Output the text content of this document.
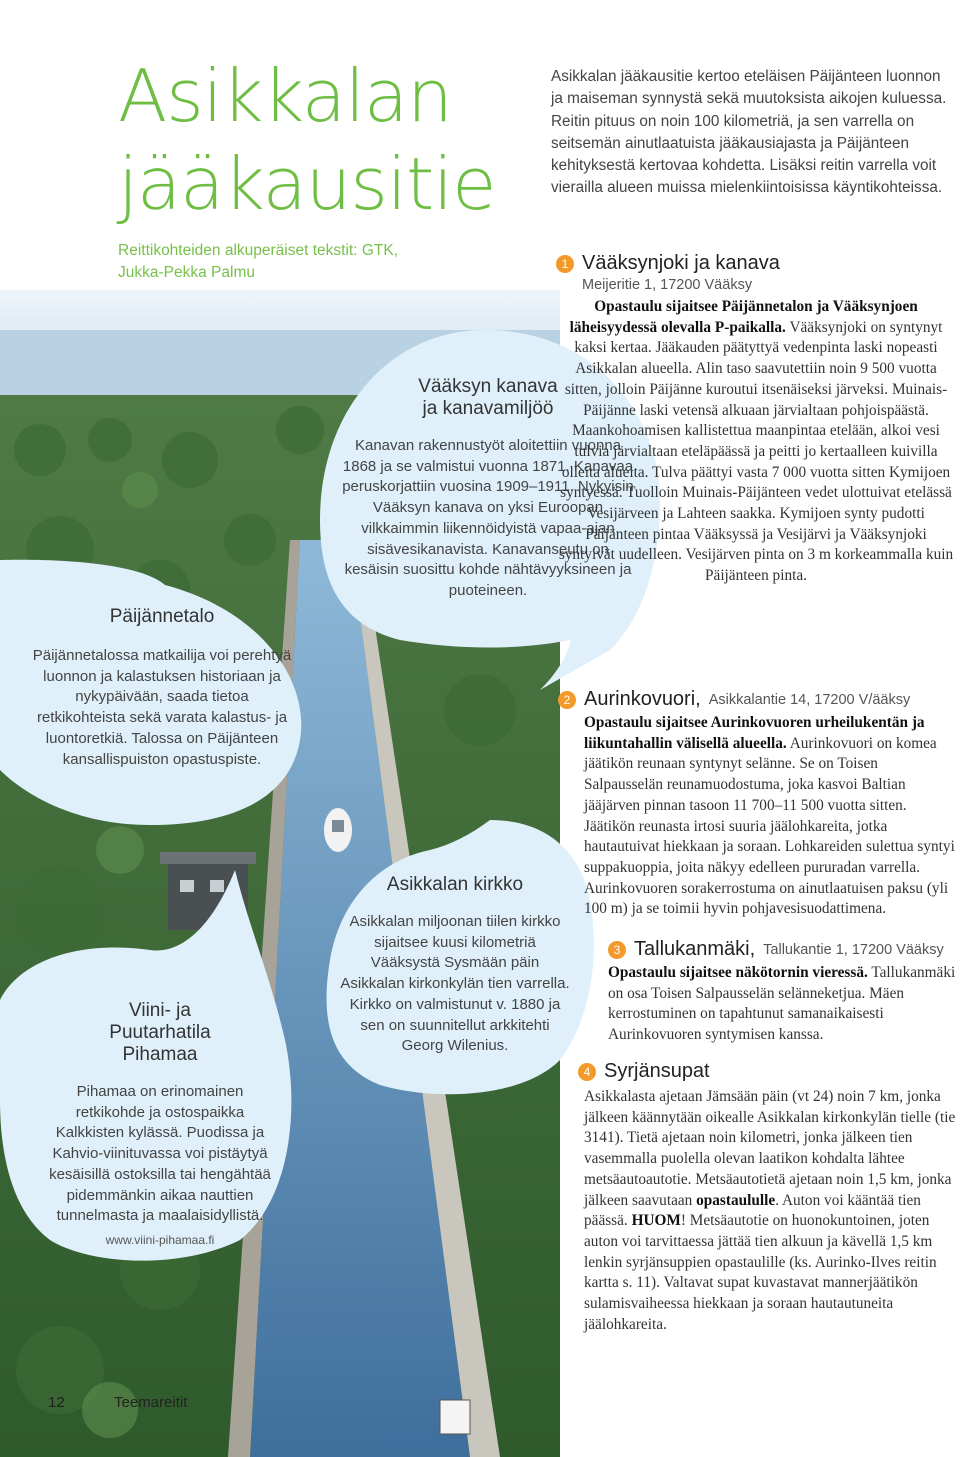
Asikkalan
jääkausitie
Reittikohteiden alkuperäiset tekstit: GTK, Jukka-Pekka Palmu
Päijännetalo

Päijännetalossa matkailija voi perehtyä luonnon ja kalastuksen historiaan ja nykypäivään, saada tietoa retkikohteista sekä varata kalastus- ja luontoretkiä. Talossa on Päijänteen kansallispuiston opastuspiste.

Vääksyn kanava
ja kanavamiljöö

Kanavan rakennustyöt aloitettiin vuonna 1868 ja se valmistui vuonna 1871. Kanavaa peruskorjattiin vuosina 1909–1911. Nykyisin Vääksyn kanava on yksi Euroopan vilkkaimmin liikennöidyistä vapaa-ajan sisävesikanavista. Kanavanseutu on kesäisin suosittu kohde nähtävyyksineen ja puoteineen.

Asikkalan kirkko

Asikkalan miljoonan tiilen kirkko sijaitsee kuusi kilometriä Vääksystä Sysmään päin Asikkalan kirkonkylän tien varrella. Kirkko on valmistunut v. 1880 ja sen on suunnitellut arkkitehti Georg Wilenius.

Viini- ja
Puutarhatila
Pihamaa

Pihamaa on erinomainen retkikohde ja ostospaikka Kalkkisten kylässä. Puodissa ja Kahvio-viinituvassa voi pistäytyä kesäisillä ostoksilla tai hengähtää pidemmänkin aikaa nauttien tunnelmasta ja maalaisidyllistä.

www.viini-pihamaa.fi
Asikkalan jääkausitie kertoo eteläisen Päijänteen luonnon ja maiseman synnystä sekä muutoksista aikojen kuluessa. Reitin pituus on noin 100 kilometriä, ja sen varrella on seitsemän ainutlaatuista jääkausiajasta ja Päijänteen kehityksestä kertovaa kohdetta. Lisäksi reitin varrella voit vierailla alueen muissa mielenkiintoisissa käyntikohteissa.
1 Vääksynjoki ja kanava
Meijeritie 1, 17200 Vääksy
Opastaulu sijaitsee Päijännetalon ja Vääksynjoen läheisyydessä olevalla P-paikalla. Vääksynjoki on syntynyt kaksi kertaa. Jääkauden päätyttyä vedenpinta laski nopeasti Asikkalan alueella. Alin taso saavutettiin noin 9 500 vuotta sitten, jolloin Päijänne kuroutui itsenäiseksi järveksi. Muinais-Päijänne laski vetensä alkuaan järvialtaan pohjoispäästä. Maankohoamisen kallistettua maanpintaa etelään, alkoi vesi tulvia järvialtaan eteläpäässä ja peitti jo kertaalleen kuivilla olleita alueita. Tulva päättyi vasta 7 000 vuotta sitten Kymijoen syntyessä. Tuolloin Muinais-Päijänteen vedet ulottuivat etelässä Vesijärveen ja Lahteen saakka. Kymijoen synty pudotti Päijänteen pintaa Vääksyssä ja Vesijärvi ja Vääksynjoki syntyivät uudelleen. Vesijärven pinta on 3 m korkeammalla kuin Päijänteen pinta.
2 Aurinkovuori, Asikkalantie 14, 17200 V/ääksy
Opastaulu sijaitsee Aurinkovuoren urheilukentän ja liikuntahallin välisellä alueella. Aurinkovuori on komea jäätikön reunaan syntynyt selänne. Se on Toisen Salpausselän reunamuodostuma, joka kasvoi Baltian jääjärven pinnan tasoon 11 700–11 500 vuotta sitten. Jäätikön reunasta irtosi suuria jäälohkareita, jotka hautautuivat hiekkaan ja soraan. Lohkareiden sulettua syntyi suppakuoppia, joita näkyy edelleen pururadan varrella. Aurinkovuoren sorakerrostuma on ainutlaatuisen paksu (yli 100 m) ja se toimii hyvin pohjavesisuodattimena.
3 Tallukanmäki, Tallukantie 1, 17200 Vääksy
Opastaulu sijaitsee näkötornin vieressä. Tallukanmäki on osa Toisen Salpausselän selänneketjua. Mäen kerrostuminen on tapahtunut samanaikaisesti Aurinkovuoren syntymisen kanssa.
4 Syrjänsupat
Asikkalasta ajetaan Jämsään päin (vt 24) noin 7 km, jonka jälkeen käännytään oikealle Asikkalan kirkonkylän tielle (tie 3141). Tietä ajetaan noin kilometri, jonka jälkeen tien vasemmalla puolella olevan laatikon kohdalta lähtee metsäautoautotie. Metsäautotietä ajetaan noin 1,5 km, jonka jälkeen saavutaan opastaululle. Auton voi kääntää tien päässä. HUOM! Metsäautotie on huonokuntoinen, joten auton voi tarvittaessa jättää tien alkuun ja kävellä 1,5 km lenkin syrjänsuppien opastaulille (ks. Aurinko-Ilves reitin kartta s. 11). Valtavat supat kuvastavat mannerjäätikön sulamisvaiheessa hiekkaan ja soraan hautautuneita jäälohkareita.
12	Teemareitit
